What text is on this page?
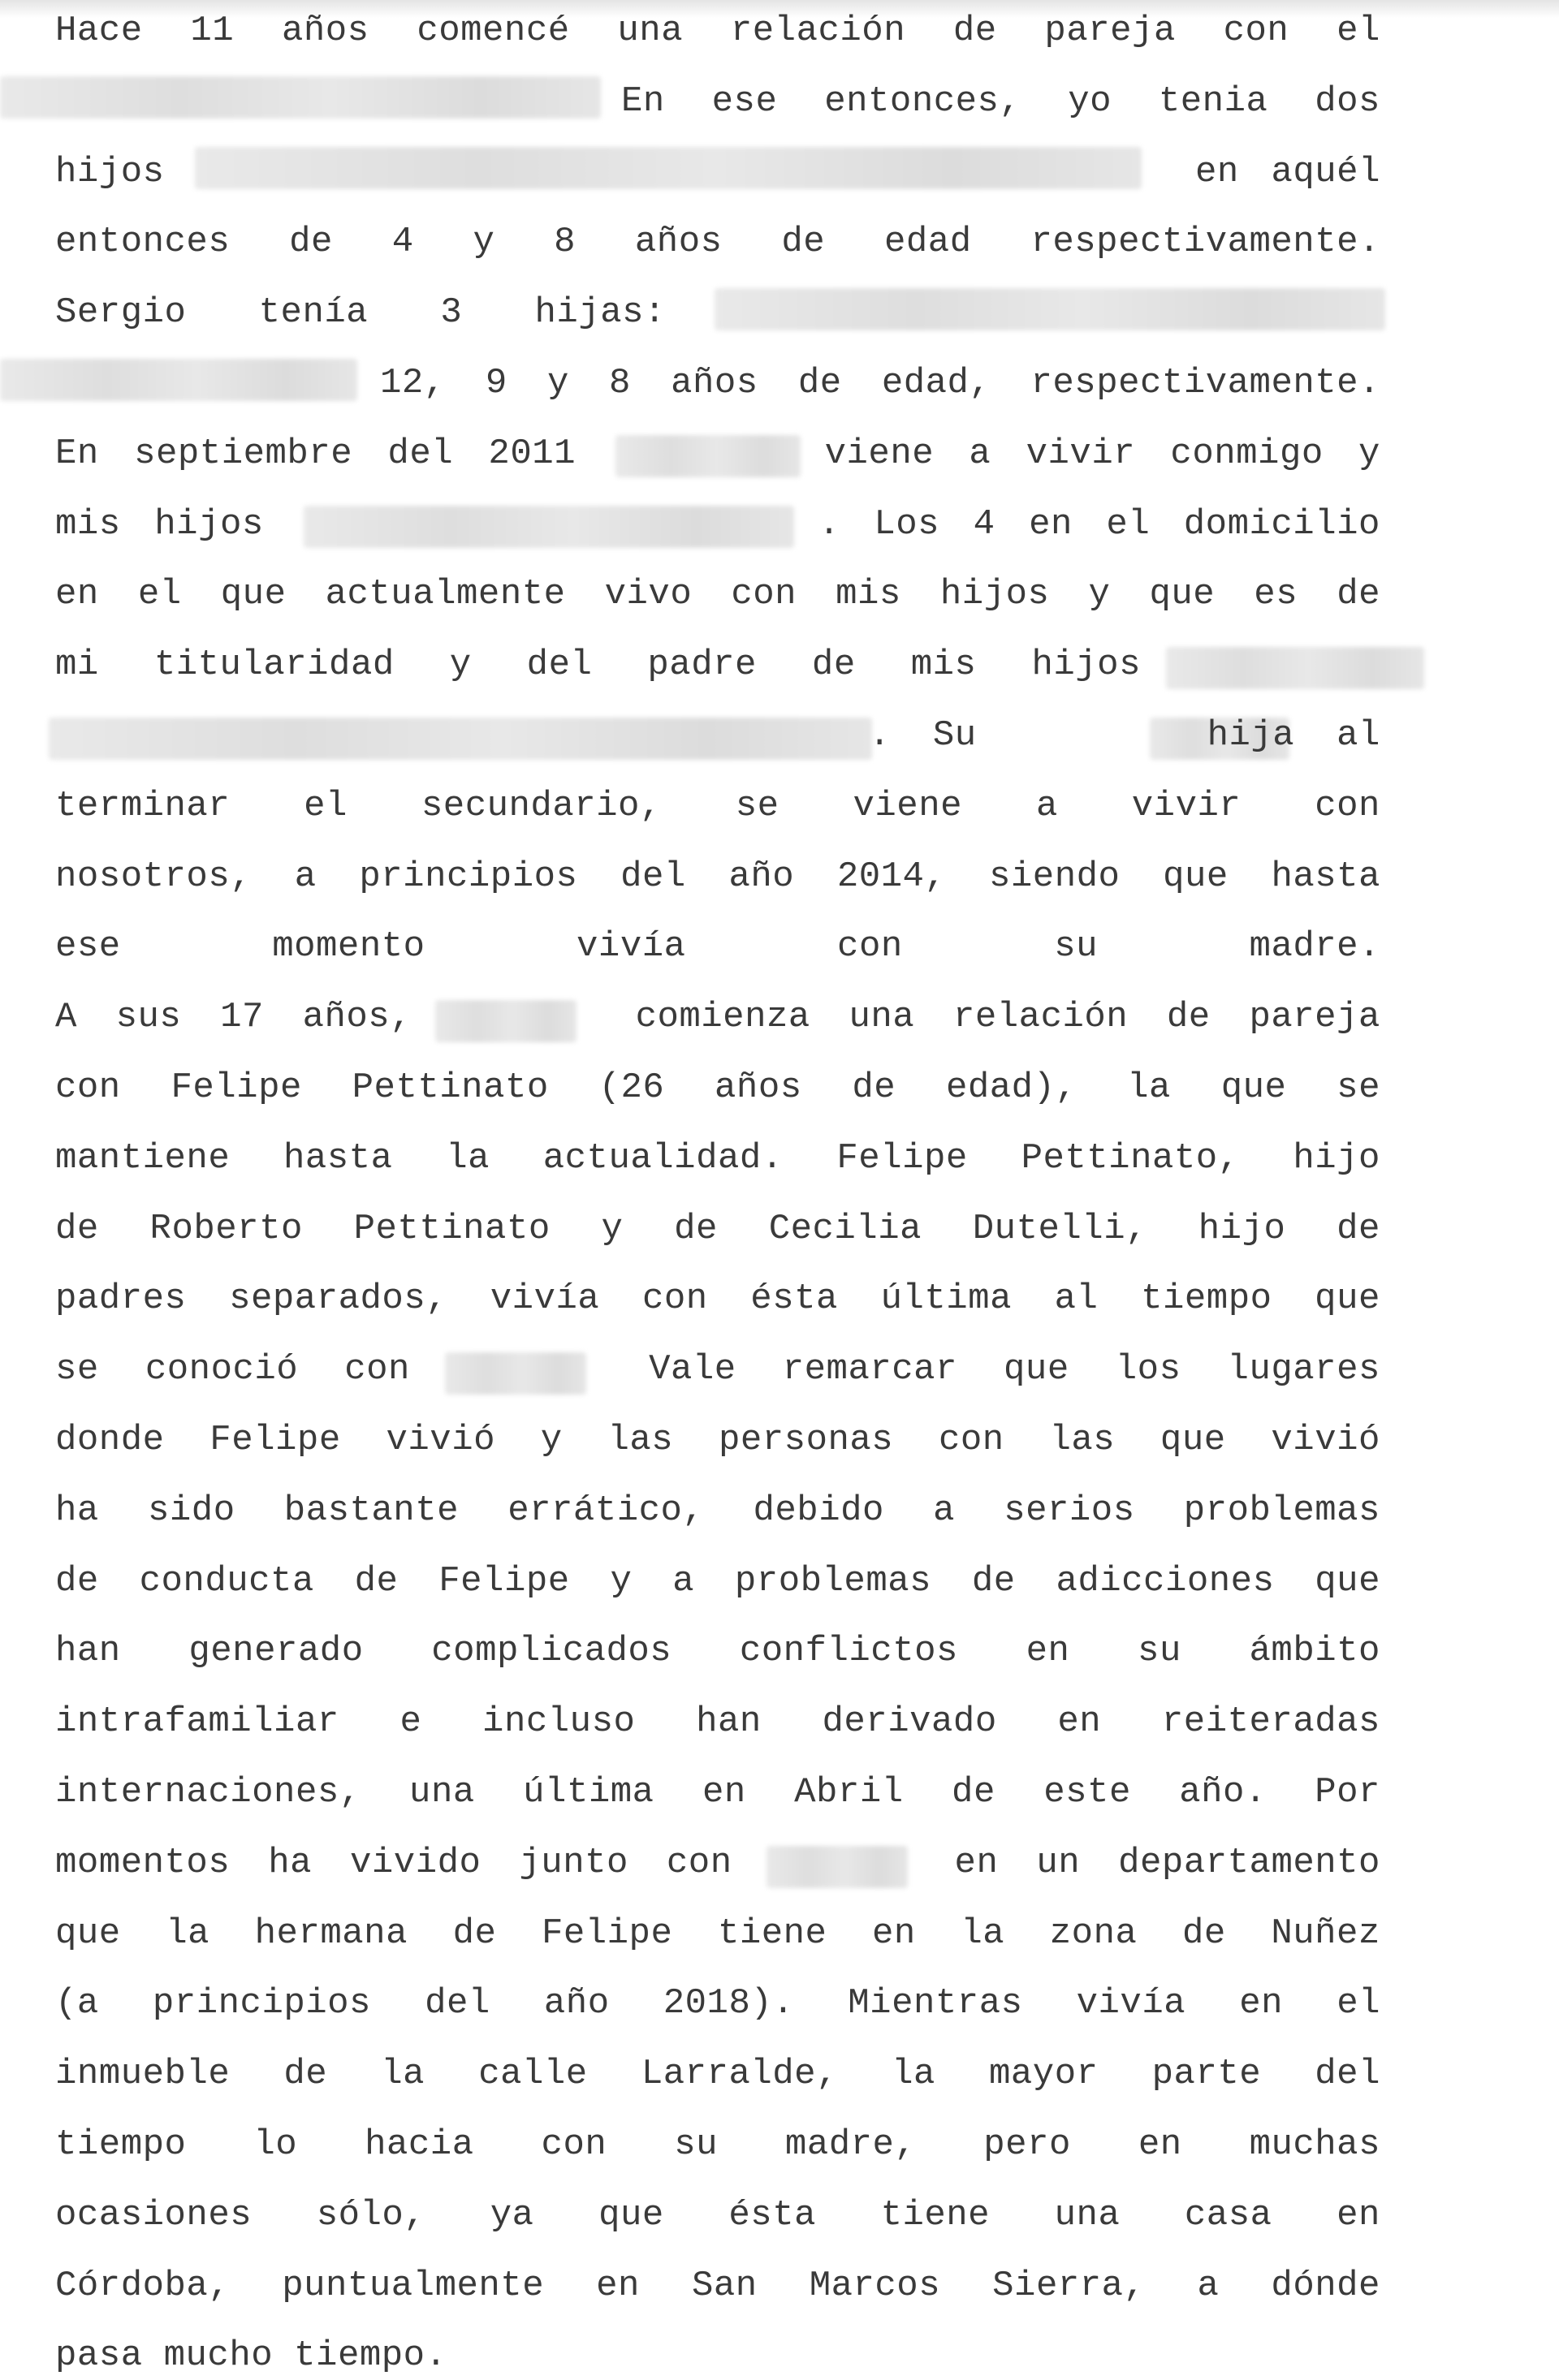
Hace 11 años comencé una relación de pareja con el
En ese entonces, yo tenia dos
hijos	en aquél
entonces de 4 y 8 años de edad respectivamente.
Sergio tenía 3 hijas:
12, 9 y 8 años de edad, respectivamente.
En septiembre del 2011	viene a vivir conmigo y
mis hijos	. Los 4 en el domicilio
en el que actualmente vivo con mis hijos y que es de
mi titularidad y del padre de mis hijos
. Su	hija al
terminar el secundario, se viene a vivir con
nosotros, a principios del año 2014, siendo que hasta
ese	momento	vivía	con	su	madre.
A sus 17 años,	comienza una relación de pareja
con Felipe Pettinato (26 años de edad), la que se
mantiene hasta la actualidad. Felipe Pettinato, hijo
de Roberto Pettinato y de Cecilia Dutelli, hijo de
padres separados, vivía con ésta última al tiempo que
se conoció con	Vale remarcar que los lugares
donde Felipe vivió y las personas con las que vivió
ha sido bastante errático, debido a serios problemas
de conducta de Felipe y a problemas de adicciones que
han generado complicados conflictos en su ámbito
intrafamiliar e incluso han derivado en reiteradas
internaciones, una última en Abril de este año. Por
momentos ha vivido junto con	en un departamento
que la hermana de Felipe tiene en la zona de Nuñez
(a principios del año 2018). Mientras vivía en el
inmueble de la calle Larralde, la mayor parte del
tiempo lo hacia con su madre, pero en muchas
ocasiones sólo, ya que ésta tiene una casa en
Córdoba, puntualmente en San Marcos Sierra, a dónde
pasa mucho tiempo.
